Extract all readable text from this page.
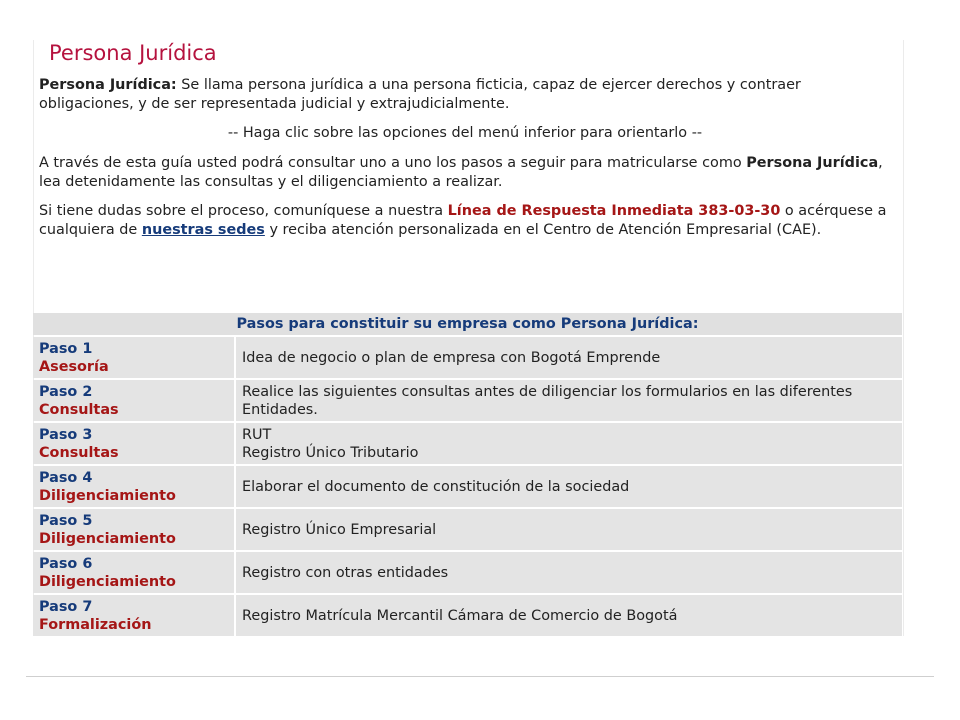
Persona Jurídica

Persona Jurídica: Se llama persona jurídica a una persona ficticia, capaz de ejercer derechos y contraer obligaciones, y de ser representada judicial y extrajudicialmente.

-- Haga clic sobre las opciones del menú inferior para orientarlo --

A través de esta guía usted podrá consultar uno a uno los pasos a seguir para matricularse como Persona Jurídica, lea detenidamente las consultas y el diligenciamiento a realizar.

Si tiene dudas sobre el proceso, comuníquese a nuestra Línea de Respuesta Inmediata 383-03-30 o acérquese a cualquiera de nuestras sedes y reciba atención personalizada en el Centro de Atención Empresarial (CAE).

Pasos para constituir su empresa como Persona Jurídica:	

Paso 1
Asesoría	Idea de negocio o plan de empresa con Bogotá Emprende

Paso 2
Consultas	Realice las siguientes consultas antes de diligenciar los formularios en las diferentes Entidades.

Paso 3
Consultas	RUT
Registro Único Tributario

Paso 4
Diligenciamiento	Elaborar el documento de constitución de la sociedad

Paso 5
Diligenciamiento	Registro Único Empresarial

Paso 6
Diligenciamiento	Registro con otras entidades

Paso 7
Formalización	Registro Matrícula Mercantil Cámara de Comercio de Bogotá
